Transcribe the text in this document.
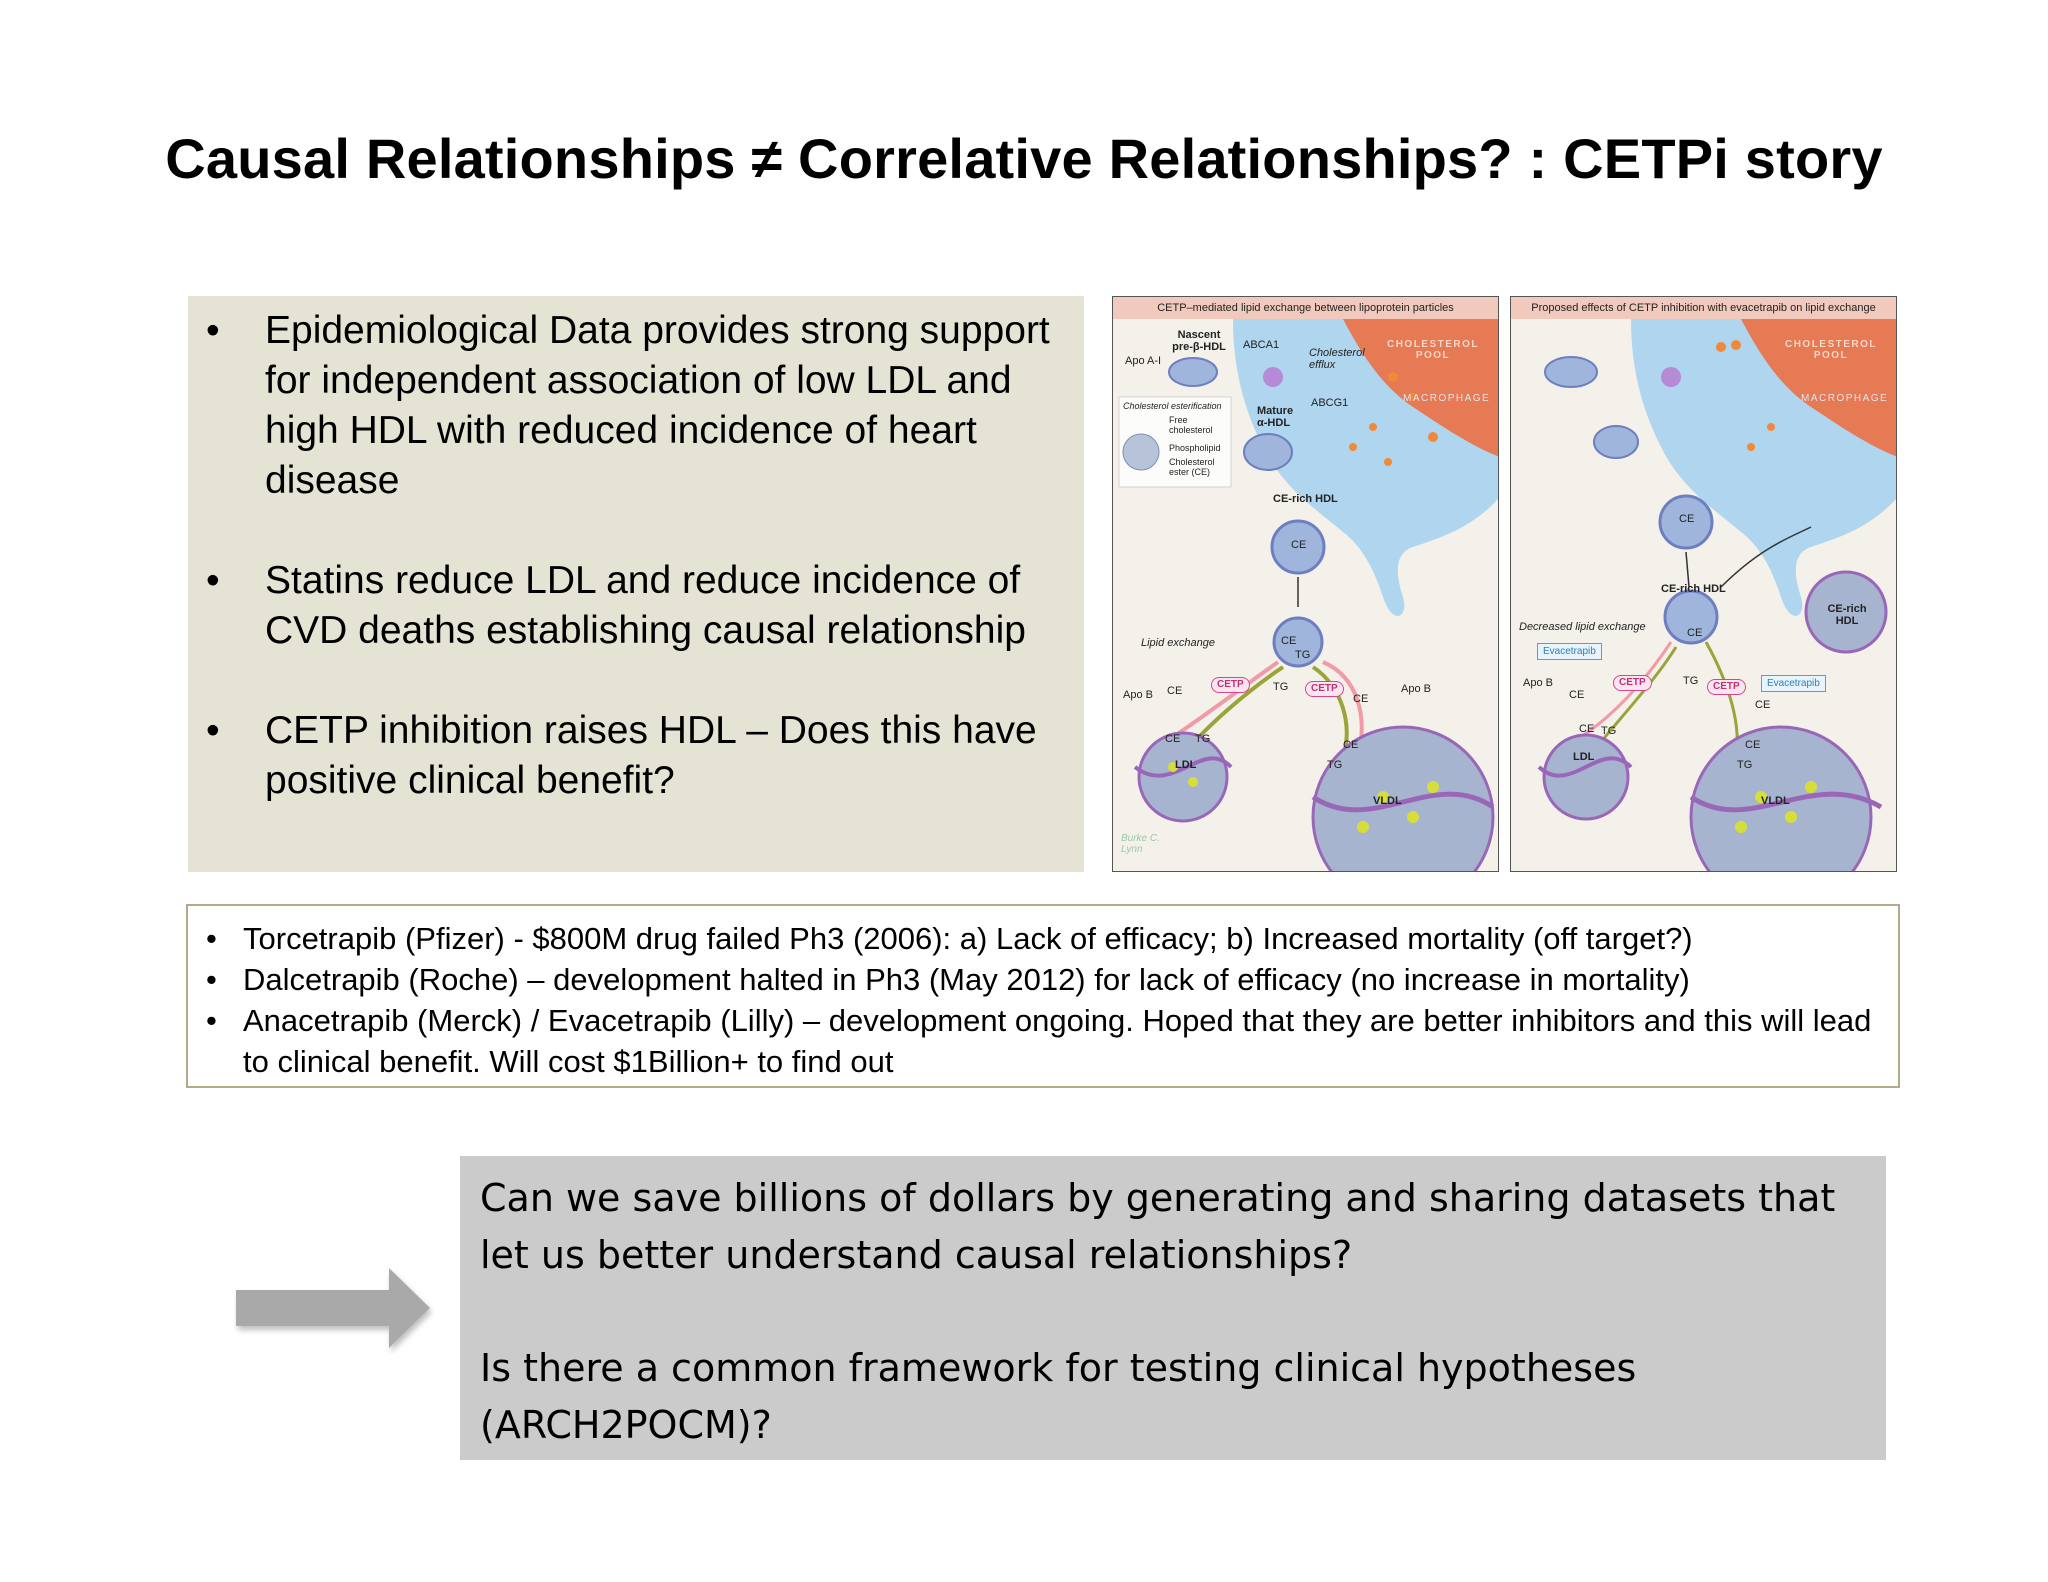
Causal Relationships ≠ Correlative Relationships? : CETPi story
• Epidemiological Data provides strong support for independent association of low LDL and high HDL with reduced incidence of heart disease
• Statins reduce LDL and reduce incidence of CVD deaths establishing causal relationship
• CETP inhibition raises HDL – Does this have positive clinical benefit?
CETP–mediated lipid exchange between lipoprotein particles
CHOLESTEROL POOL
MACROPHAGE
Nascent pre-β-HDL
Apo A-I
ABCA1
Cholesterol efflux
ABCG1
Mature α-HDL
Cholesterol esterification
Free cholesterol
Phospholipid
Cholesterol ester (CE)
CE-rich HDL
CE
CE
TG
Lipid exchange
CETP	CETP
TG
CE
Apo B CE	Apo B
CE TG	CE
TG
LDL
VLDL
Burke C. Lynn
Proposed effects of CETP inhibition with evacetrapib on lipid exchange
CHOLESTEROL POOL
MACROPHAGE
CE
CE-rich HDL
CE-rich HDL
Decreased lipid exchange	CE
Evacetrapib
Evacetrapib
CETP	CETP
TG
Apo B
CE
CE
CE TG
CE
TG
LDL
VLDL
• Torcetrapib (Pfizer) - $800M drug failed Ph3 (2006): a) Lack of efficacy; b) Increased mortality (off target?)
• Dalcetrapib (Roche) – development halted in Ph3 (May 2012) for lack of efficacy (no increase in mortality)
• Anacetrapib (Merck) / Evacetrapib (Lilly) – development ongoing. Hoped that they are better inhibitors and this will lead to clinical benefit. Will cost $1Billion+ to find out

Can we save billions of dollars by generating and sharing datasets that let us better understand causal relationships?

Is there a common framework for testing clinical hypotheses (ARCH2POCM)?
